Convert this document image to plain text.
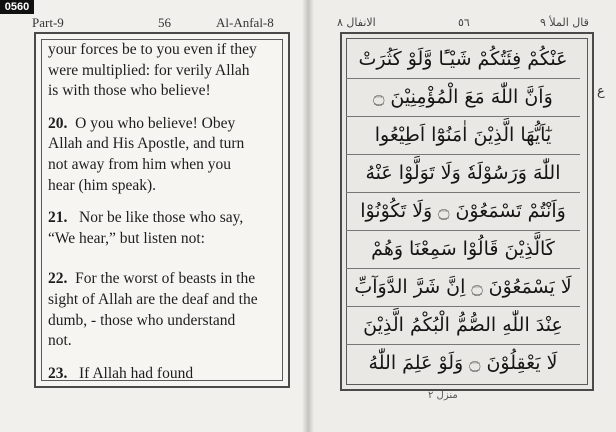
Part-9	56	Al-Anfal-8

your forces be to you even if they

were multiplied: for verily Allah

is with those who believe!

20. O you who believe! Obey

Allah and His Apostle, and turn

not away from him when you

hear (him speak).

21. Nor be like those who say,

“We hear,” but listen not:

22. For the worst of beasts in the

sight of Allah are the deaf and the

dumb, - those who understand

not.

23. If Allah had found

الانفال ٨	٥٦	قال الملأ ٩
عَنْكُمْ فِئَتُكُمْ شَيْـًٔا وَّلَوْ كَثُرَتْ
وَاَنَّ اللّٰهَ مَعَ الْمُؤْمِنِيْنَ ۝
يٰٓاَيُّهَا الَّذِيْنَ اٰمَنُوْٓا اَطِيْعُوا
اللّٰهَ وَرَسُوْلَهٗ وَلَا تَوَلَّوْا عَنْهُ
وَاَنْتُمْ تَسْمَعُوْنَ ۝ وَلَا تَكُوْنُوْا
كَالَّذِيْنَ قَالُوْا سَمِعْنَا وَهُمْ
لَا يَسْمَعُوْنَ ۝ اِنَّ شَرَّ الدَّوَآبِّ
عِنْدَ اللّٰهِ الصُّمُّ الْبُكْمُ الَّذِيْنَ
لَا يَعْقِلُوْنَ ۝ وَلَوْ عَلِمَ اللّٰهُ
منزل ٢
ع
0560
